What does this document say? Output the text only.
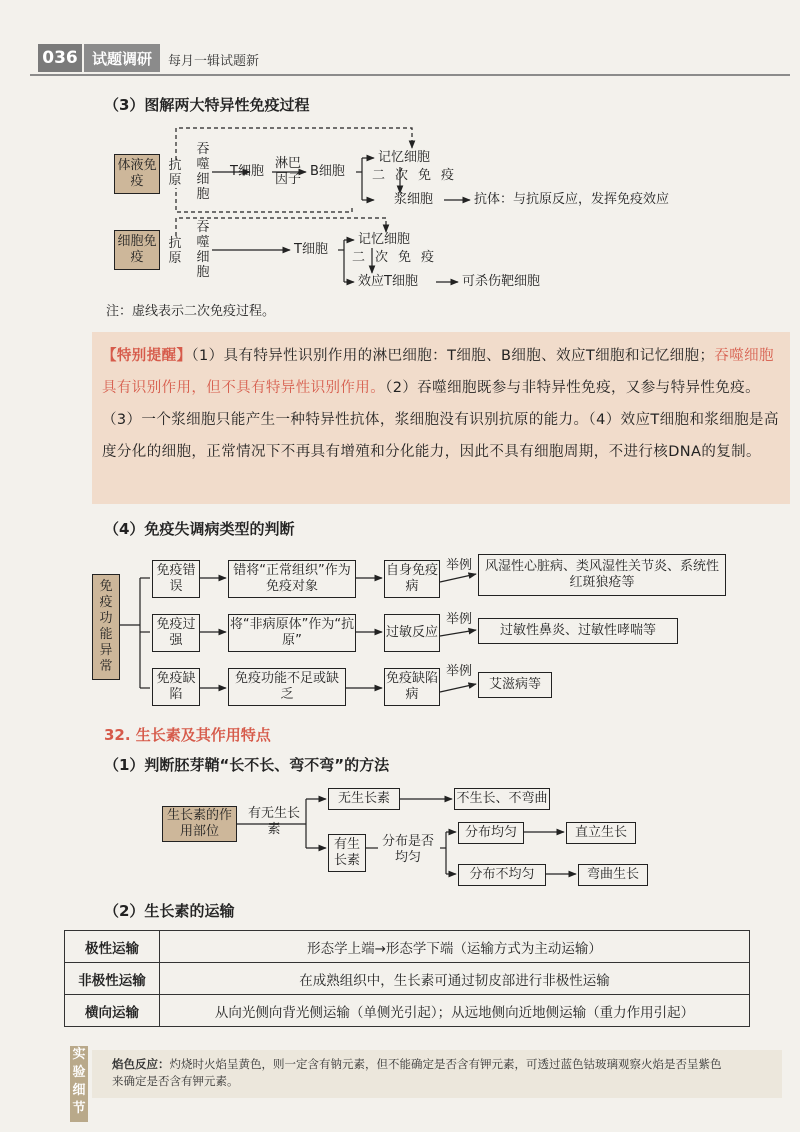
036 试题调研	每月一辑试题新
（3）图解两大特异性免疫过程
体液免疫
抗原
吞噬细胞
T细胞
淋巴因子
B细胞
记忆细胞
二次免疫
浆细胞	抗体：与抗原反应，发挥免疫效应
细胞免疫
抗原
吞噬细胞
T细胞
记忆细胞
二次免疫
效应T细胞	可杀伤靶细胞
注：虚线表示二次免疫过程。
【特别提醒】（1）具有特异性识别作用的淋巴细胞：T细胞、B细胞、效应T细胞和记忆细胞；吞噬细胞具有识别作用，但不具有特异性识别作用。（2）吞噬细胞既参与非特异性免疫，又参与特异性免疫。（3）一个浆细胞只能产生一种特异性抗体，浆细胞没有识别抗原的能力。（4）效应T细胞和浆细胞是高度分化的细胞，正常情况下不再具有增殖和分化能力，因此不具有细胞周期，不进行核DNA的复制。
（4）免疫失调病类型的判断
免疫功能异常
免疫错误
错将“正常组织”作为免疫对象
自身免疫病
举例 风湿性心脏病、类风湿性关节炎、系统性红斑狼疮等
免疫过强
将“非病原体”作为“抗原”
过敏反应
举例
过敏性鼻炎、过敏性哮喘等
免疫缺陷
免疫功能不足或缺乏
免疫缺陷病
举例
艾滋病等
32. 生长素及其作用特点
（1）判断胚芽鞘“长不长、弯不弯”的方法
生长素的作用部位
有无生长素
无生长素	不生长、不弯曲
有生长素
分布是否均匀
分布均匀	直立生长
分布不均匀	弯曲生长
（2）生长素的运输
极性运输	形态学上端→形态学下端（运输方式为主动运输）
非极性运输	在成熟组织中，生长素可通过韧皮部进行非极性运输
横向运输	从向光侧向背光侧运输（单侧光引起）；从远地侧向近地侧运输（重力作用引起）
实验细节
焰色反应：灼烧时火焰呈黄色，则一定含有钠元素，但不能确定是否含有钾元素，可透过蓝色钴玻璃观察火焰是否呈紫色来确定是否含有钾元素。
